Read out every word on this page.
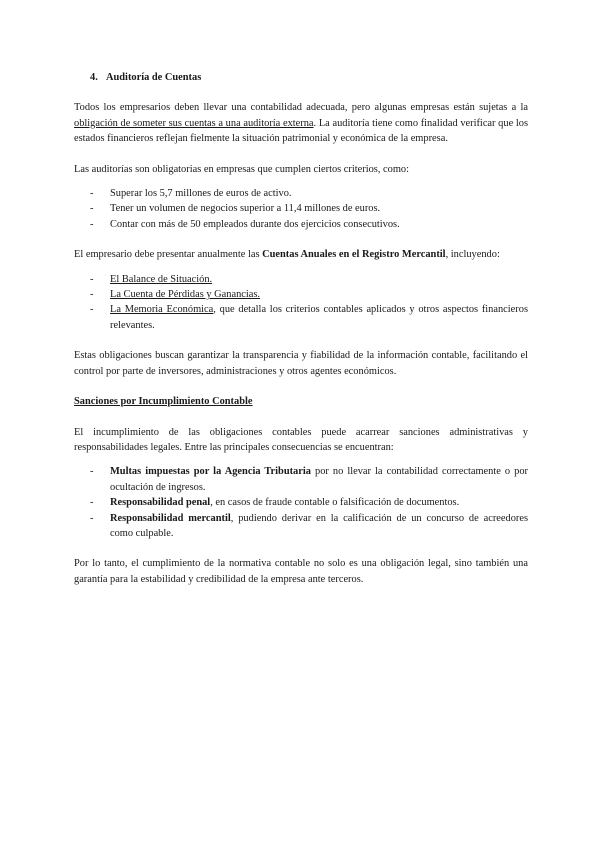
4. Auditoría de Cuentas

Todos los empresarios deben llevar una contabilidad adecuada, pero algunas empresas están sujetas a la obligación de someter sus cuentas a una auditoría externa. La auditoría tiene como finalidad verificar que los estados financieros reflejan fielmente la situación patrimonial y económica de la empresa.

Las auditorías son obligatorias en empresas que cumplen ciertos criterios, como:

- Superar los 5,7 millones de euros de activo.
- Tener un volumen de negocios superior a 11,4 millones de euros.
- Contar con más de 50 empleados durante dos ejercicios consecutivos.

El empresario debe presentar anualmente las Cuentas Anuales en el Registro Mercantil, incluyendo:

- El Balance de Situación.
- La Cuenta de Pérdidas y Ganancias.
- La Memoria Económica, que detalla los criterios contables aplicados y otros aspectos financieros relevantes.

Estas obligaciones buscan garantizar la transparencia y fiabilidad de la información contable, facilitando el control por parte de inversores, administraciones y otros agentes económicos.

Sanciones por Incumplimiento Contable

El incumplimiento de las obligaciones contables puede acarrear sanciones administrativas y responsabilidades legales. Entre las principales consecuencias se encuentran:

- Multas impuestas por la Agencia Tributaria por no llevar la contabilidad correctamente o por ocultación de ingresos.
- Responsabilidad penal, en casos de fraude contable o falsificación de documentos.
- Responsabilidad mercantil, pudiendo derivar en la calificación de un concurso de acreedores como culpable.

Por lo tanto, el cumplimiento de la normativa contable no solo es una obligación legal, sino también una garantía para la estabilidad y credibilidad de la empresa ante terceros.
